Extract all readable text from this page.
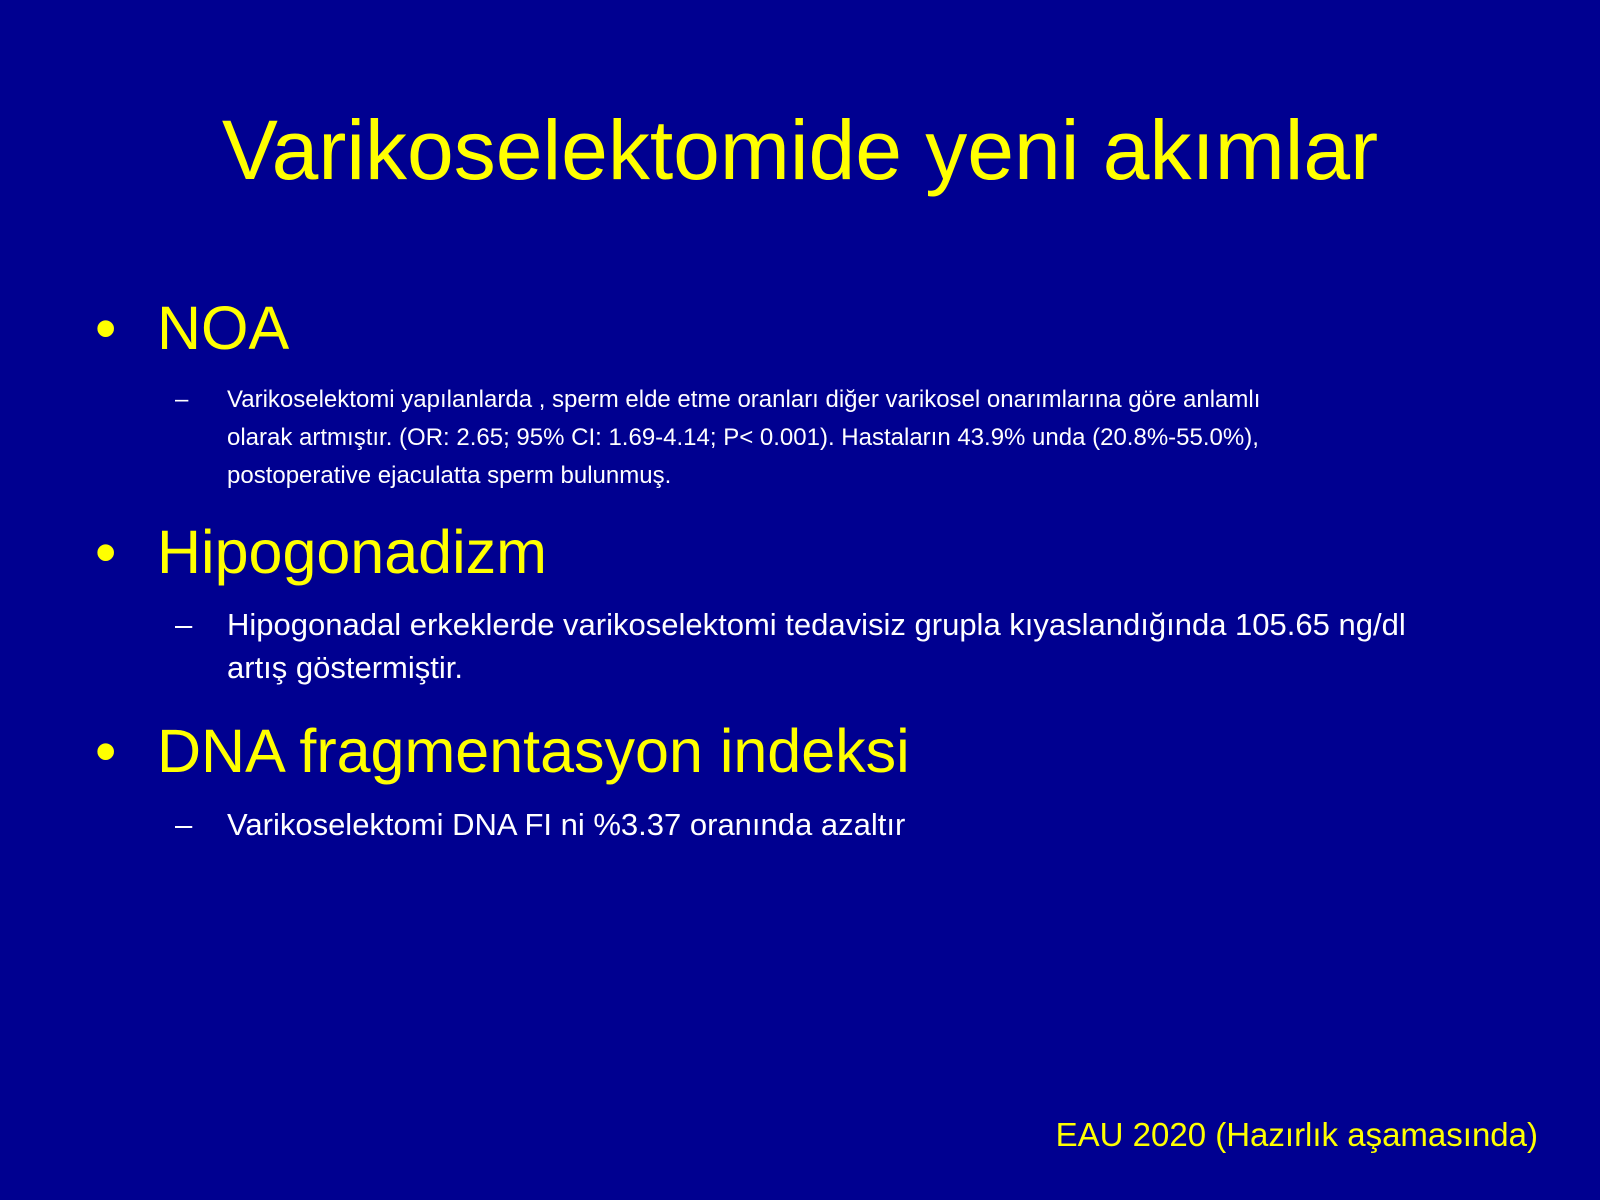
Varikoselektomide yeni akımlar
• NOA
– Varikoselektomi yapılanlarda , sperm elde etme oranları diğer varikosel onarımlarına göre anlamlı
olarak artmıştır. (OR: 2.65; 95% CI: 1.69-4.14; P< 0.001). Hastaların 43.9% unda (20.8%-55.0%),
postoperative ejaculatta sperm bulunmuş.
• Hipogonadizm
– Hipogonadal erkeklerde varikoselektomi tedavisiz grupla kıyaslandığında 105.65 ng/dl
artış göstermiştir.
• DNA fragmentasyon indeksi
– Varikoselektomi DNA FI ni %3.37 oranında azaltır
EAU 2020 (Hazırlık aşamasında)
